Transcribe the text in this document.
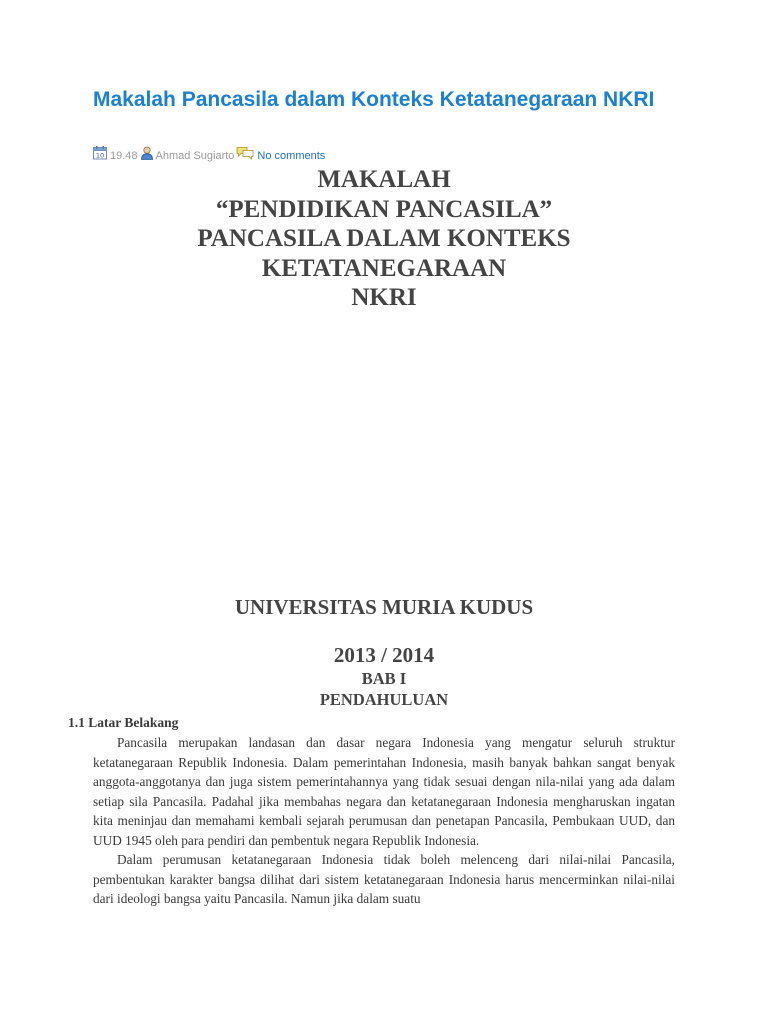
Makalah Pancasila dalam Konteks Ketatanegaraan NKRI
10 19.48 Ahmad Sugiarto No comments
MAKALAH
“PENDIDIKAN PANCASILA”
PANCASILA DALAM KONTEKS
KETATANEGARAAN
NKRI
UNIVERSITAS MURIA KUDUS
2013 / 2014
BAB I
PENDAHULUAN
1.1 Latar Belakang

Pancasila merupakan landasan dan dasar negara Indonesia yang mengatur seluruh struktur ketatanegaraan Republik Indonesia. Dalam pemerintahan Indonesia, masih banyak bahkan sangat benyak anggota-anggotanya dan juga sistem pemerintahannya yang tidak sesuai dengan nila-nilai yang ada dalam setiap sila Pancasila. Padahal jika membahas negara dan ketatanegaraan Indonesia mengharuskan ingatan kita meninjau dan memahami kembali sejarah perumusan dan penetapan Pancasila, Pembukaan UUD, dan UUD 1945 oleh para pendiri dan pembentuk negara Republik Indonesia.

Dalam perumusan ketatanegaraan Indonesia tidak boleh melenceng dari nilai-nilai Pancasila, pembentukan karakter bangsa dilihat dari sistem ketatanegaraan Indonesia harus mencerminkan nilai-nilai dari ideologi bangsa yaitu Pancasila. Namun jika dalam suatu
